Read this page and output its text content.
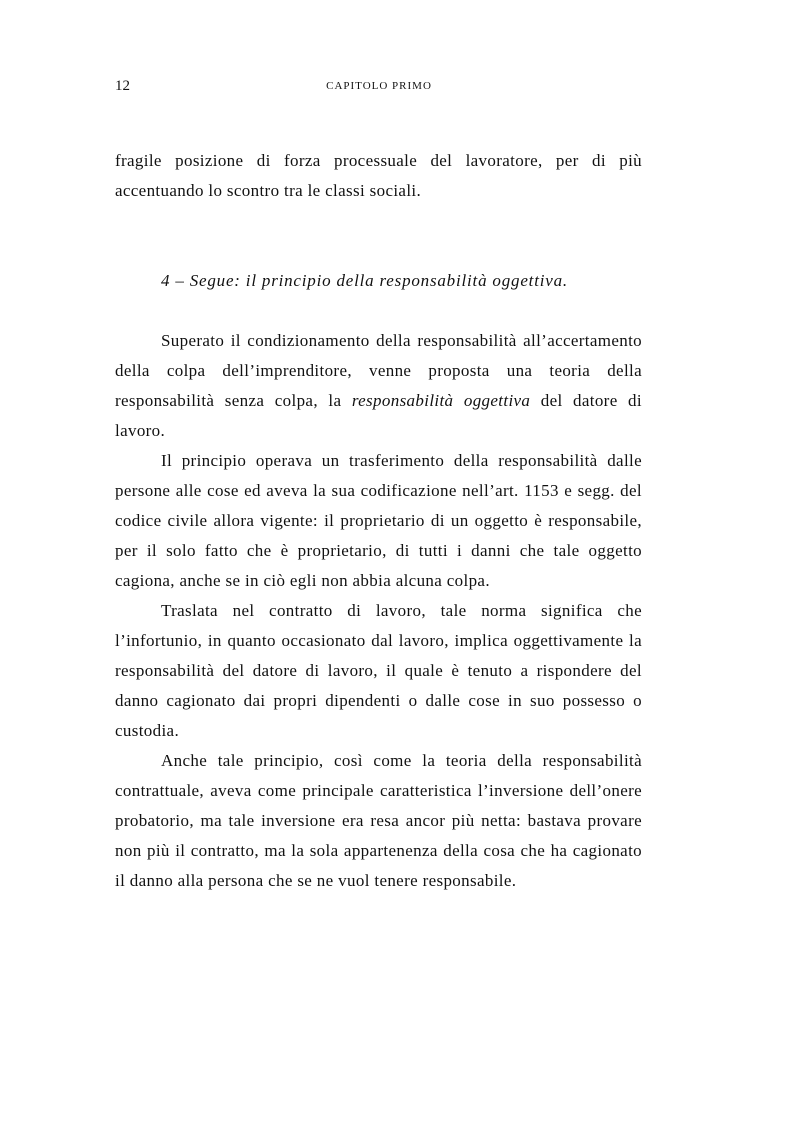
12	CAPITOLO PRIMO

fragile posizione di forza processuale del lavoratore, per di più accentuando lo scontro tra le classi sociali.

4 – Segue: il principio della responsabilità oggettiva.

Superato il condizionamento della responsabilità all’accertamento della colpa dell’imprenditore, venne proposta una teoria della responsabilità senza colpa, la responsabilità oggettiva del datore di lavoro.

Il principio operava un trasferimento della responsabilità dalle persone alle cose ed aveva la sua codificazione nell’art. 1153 e segg. del codice civile allora vigente: il proprietario di un oggetto è responsabile, per il solo fatto che è proprietario, di tutti i danni che tale oggetto cagiona, anche se in ciò egli non abbia alcuna colpa.

Traslata nel contratto di lavoro, tale norma significa che l’infortunio, in quanto occasionato dal lavoro, implica oggettivamente la responsabilità del datore di lavoro, il quale è tenuto a rispondere del danno cagionato dai propri dipendenti o dalle cose in suo possesso o custodia.

Anche tale principio, così come la teoria della responsabilità contrattuale, aveva come principale caratteristica l’inversione dell’onere probatorio, ma tale inversione era resa ancor più netta: bastava provare non più il contratto, ma la sola appartenenza della cosa che ha cagionato il danno alla persona che se ne vuol tenere responsabile.
